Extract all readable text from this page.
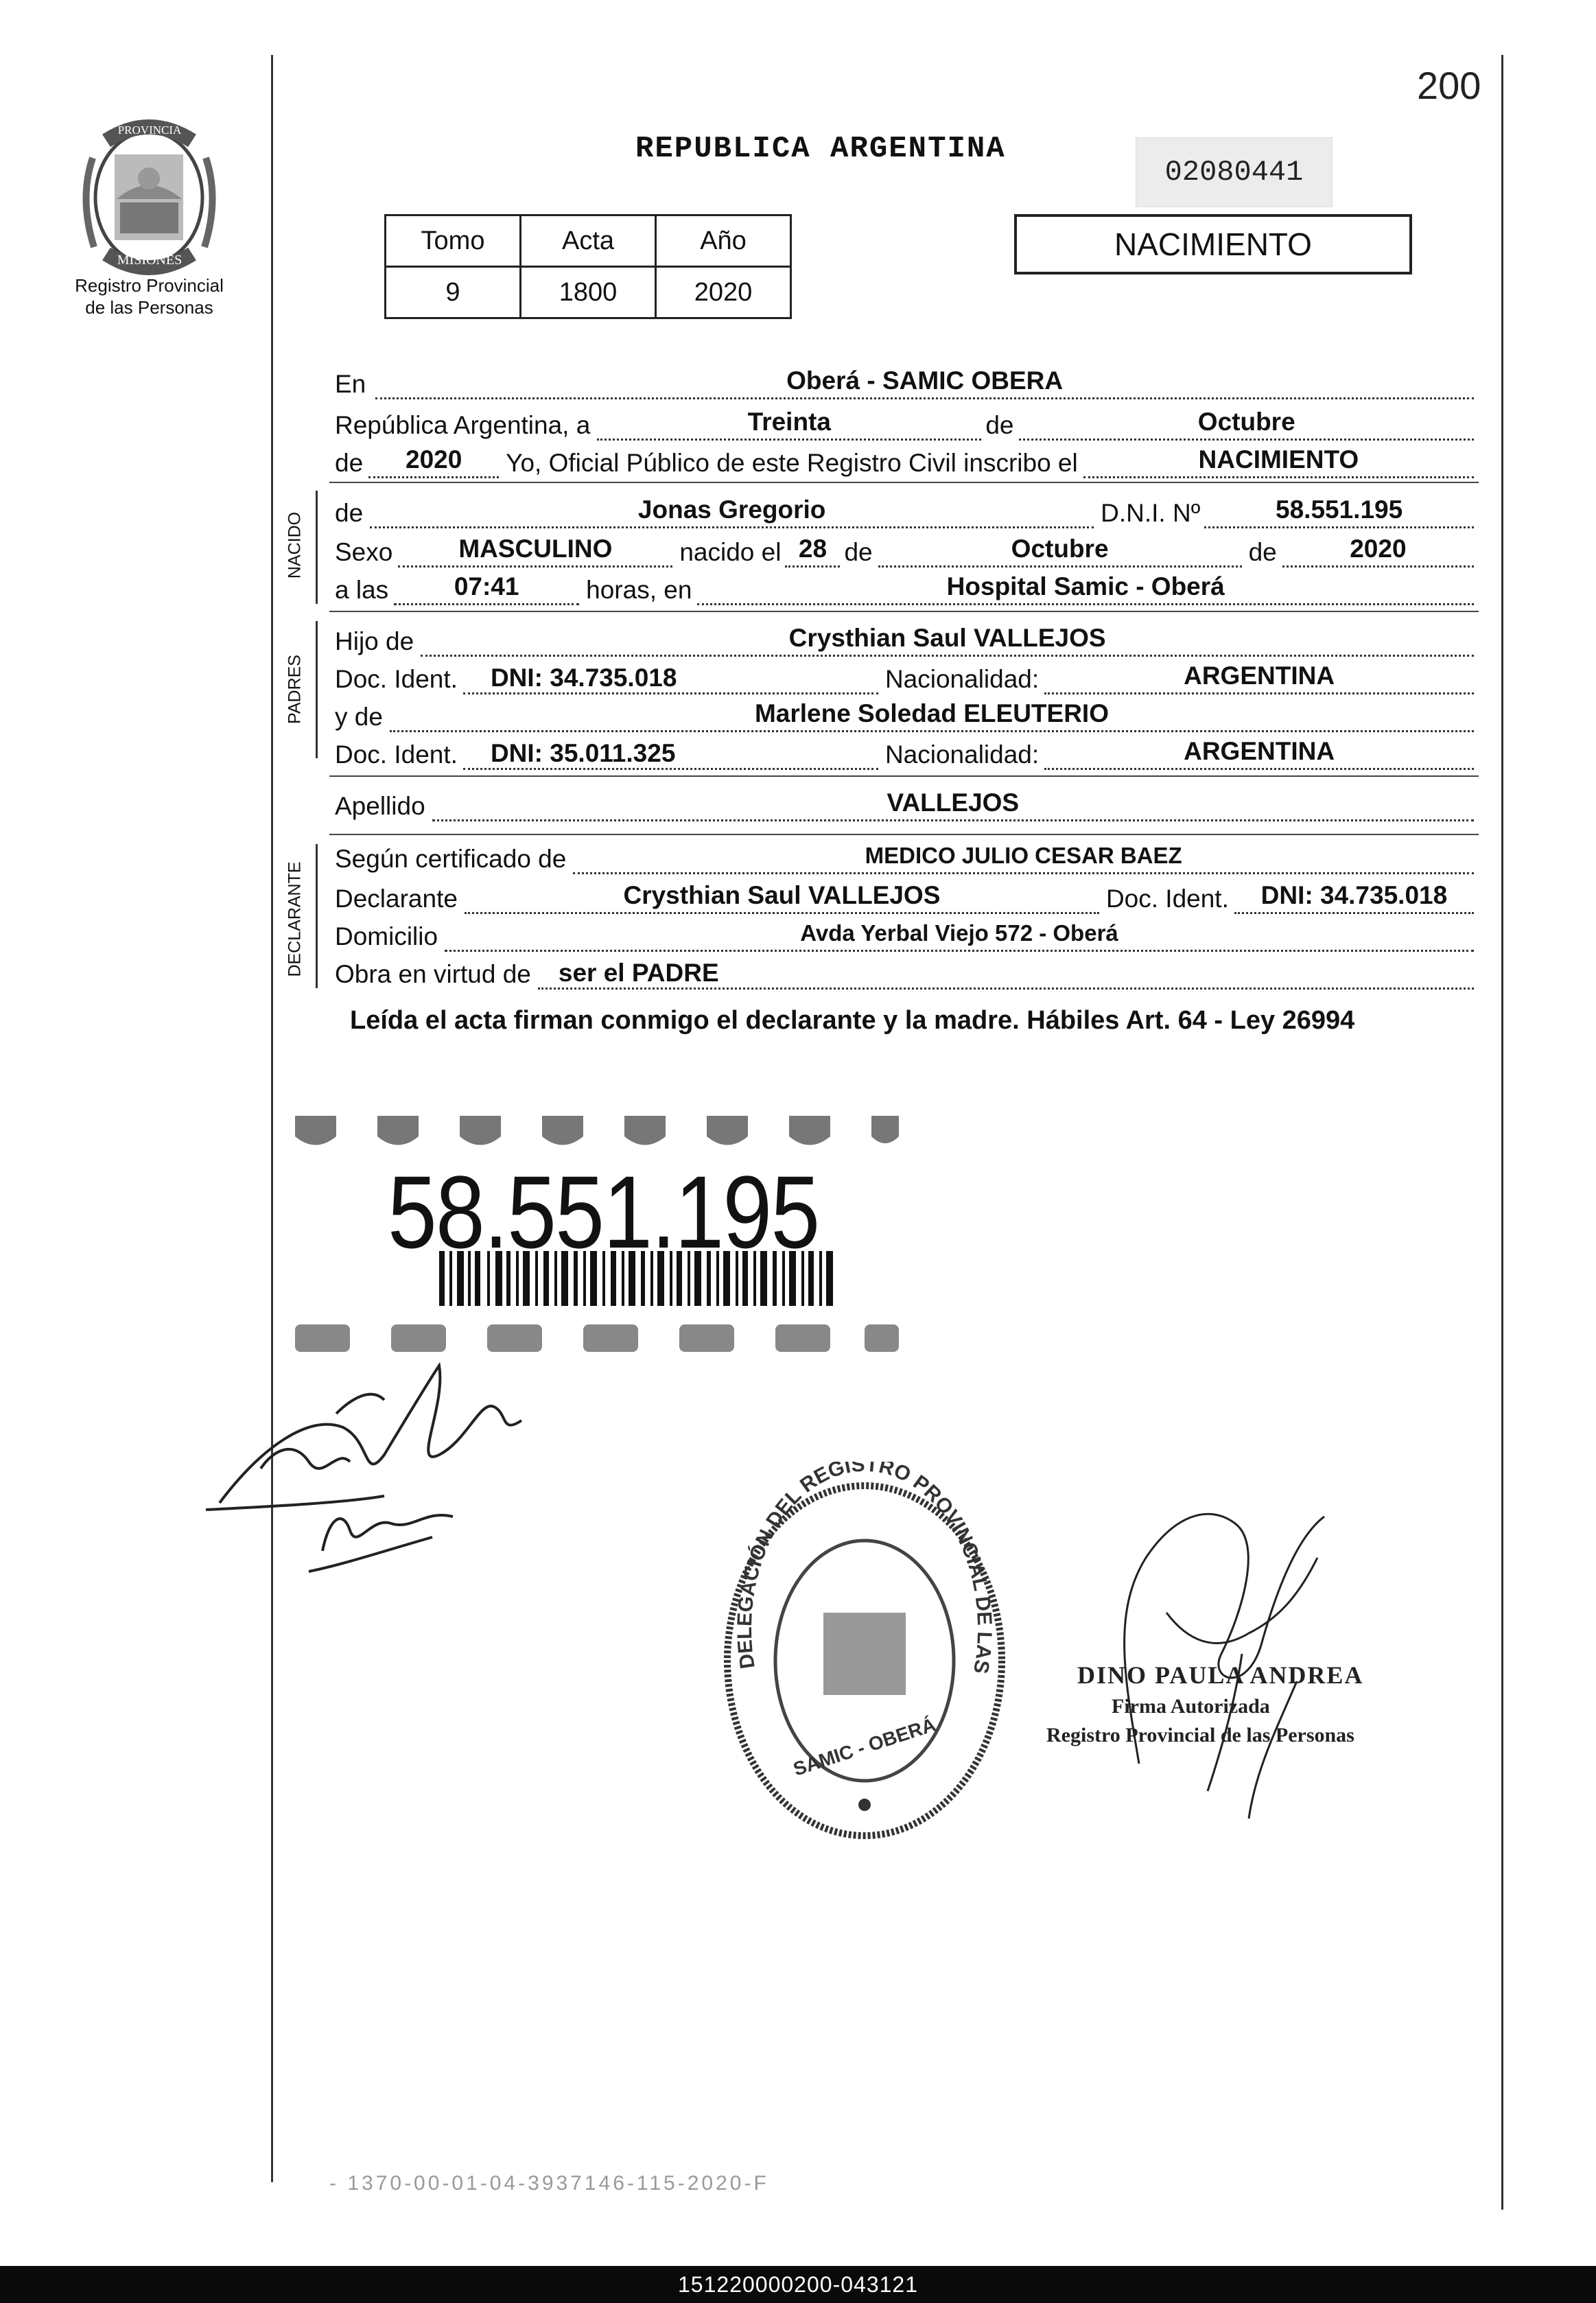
PROVINCIA DE
MISIONES
Registro Provincial
de las Personas
200
REPUBLICA ARGENTINA
02080441
Tomo	Acta	Año
9	1800	2020
NACIMIENTO
En	Oberá - SAMIC OBERA
República Argentina, a	Treinta	de	Octubre
de	2020	Yo, Oficial Público de este Registro Civil inscribo el	NACIMIENTO
NACIDO de	Jonas Gregorio	D.N.I. Nº	58.551.195
Sexo	MASCULINO	nacido el 28 de	Octubre	de	2020
a las	07:41	horas, en	Hospital Samic - Oberá
PADRES
Hijo de	Crysthian Saul VALLEJOS
Doc. Ident.	DNI: 34.735.018	Nacionalidad:	ARGENTINA
y de	Marlene Soledad ELEUTERIO
Doc. Ident.	DNI: 35.011.325	Nacionalidad:	ARGENTINA
Apellido	VALLEJOS
DECLARANTE
Según certificado de	MEDICO JULIO CESAR BAEZ
Declarante	Crysthian Saul VALLEJOS	Doc. Ident.	DNI: 34.735.018
Domicilio	Avda Yerbal Viejo 572 - Oberá
Obra en virtud de	ser el PADRE
Leída el acta firman conmigo el declarante y la madre. Hábiles Art. 64 - Ley 26994
58.551.195
DELEGACIÓN DEL REGISTRO PROVINCIAL DE LAS
SAMIC - OBERÁ
DINO PAULA ANDREA
Firma Autorizada
Registro Provincial de las Personas
- 1370-00-01-04-3937146-115-2020-F
151220000200-043121
